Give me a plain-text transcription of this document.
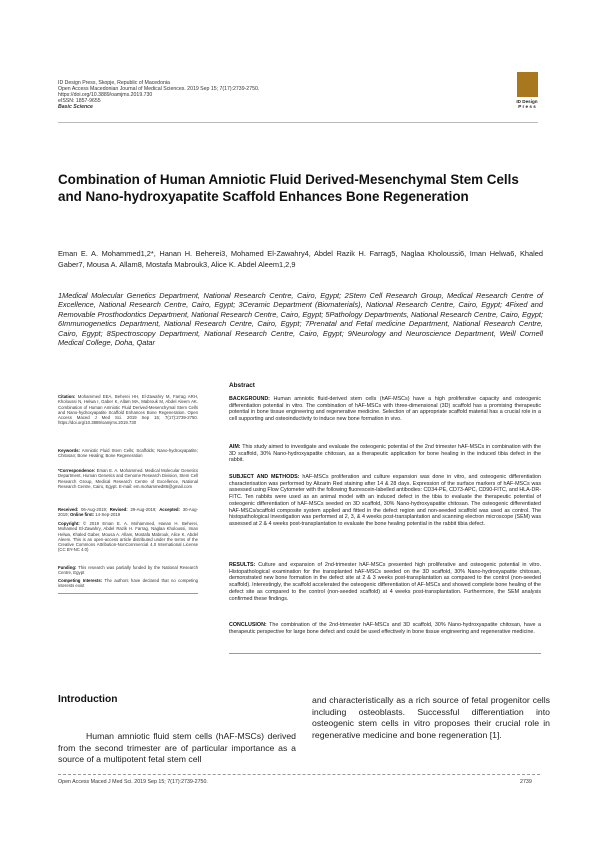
ID Design Press, Skopje, Republic of Macedonia
Open Access Macedonian Journal of Medical Sciences. 2019 Sep 15; 7(17):2739-2750.
https://doi.org/10.3889/oamjms.2019.730
eISSN: 1857-9655
Basic Science
ID Design
P r e s s
Combination of Human Amniotic Fluid Derived-Mesenchymal Stem Cells and Nano-hydroxyapatite Scaffold Enhances Bone Regeneration
Eman E. A. Mohammed1,2*, Hanan H. Beherei3, Mohamed El-Zawahry4, Abdel Razik H. Farrag5, Naglaa Kholoussi6, Iman Helwa6, Khaled Gaber7, Mousa A. Allam8, Mostafa Mabrouk3, Alice K. Abdel Aleem1,2,9
1Medical Molecular Genetics Department, National Research Centre, Cairo, Egypt; 2Stem Cell Research Group, Medical Research Centre of Excellence, National Research Centre, Cairo, Egypt; 3Ceramic Department (Biomaterials), National Research Centre, Cairo, Egypt; 4Fixed and Removable Prosthodontics Department, National Research Centre, Cairo, Egypt; 5Pathology Departments, National Research Centre, Cairo, Egypt; 6Immunogenetics Department, National Research Centre, Cairo, Egypt; 7Prenatal and Fetal medicine Department, National Research Centre, Cairo, Egypt; 8Spectroscopy Department, National Research Centre, Cairo, Egypt; 9Neurology and Neuroscience Department, Weill Cornell Medical College, Doha, Qatar
Citation: Mohammed EEA, Beherei HH, El-Zawahry M, Farrag ARH, Kholoussi N, Helwa I, Gaber K, Allam MA, Mabrouk M, Abdel Aleem AK. Combination of Human Amniotic Fluid Derived-Mesenchymal Stem Cells and Nano-hydroxyapatite Scaffold Enhances Bone Regeneration. Open Access Maced J Med Sci. 2019 Sep 15; 7(17):2739-2750. https://doi.org/10.3889/oamjms.2019.730
Keywords: Amniotic Fluid Stem Cells; Scaffolds; Nano-hydroxyapatite; Chitosan; Bone Healing; Bone Regeneration
*Correspondence: Eman E. A. Mohammed. Medical Molecular Genetics Department, Human Genetics and Genome Research Division, Stem Cell Research Group, Medical Research Centre of Excellence, National Research Centre, Cairo, Egypt. E-mail: em.mohammed86@gmail.com
Received: 06-Aug-2019; Revised: 29-Aug-2019; Accepted: 30-Aug-2019; Online first: 14-Sep-2019
Copyright: © 2019 Eman E. A. Mohammed, Hanan H. Beherei, Mohamed El-Zawahry, Abdel Razik H. Farrag, Naglaa Kholoussi, Iman Helwa, Khaled Gaber, Mousa A. Allam, Mostafa Mabrouk, Alice K. Abdel Aleem. This is an open-access article distributed under the terms of the Creative Commons Attribution-NonCommercial 4.0 International License (CC BY-NC 4.0)
Funding: This research was partially funded by the National Research Centre, Egypt
Competing Interests: The authors have declared that no competing interests exist
Abstract
BACKGROUND: Human amniotic fluid-derived stem cells (hAF-MSCs) have a high proliferative capacity and osteogenic differentiation potential in vitro. The combination of hAF-MSCs with three-dimensional (3D) scaffold has a promising therapeutic potential in bone tissue engineering and regenerative medicine. Selection of an appropriate scaffold material has a crucial role in a cell supporting and osteoinductivity to induce new bone formation in vivo.
AIM: This study aimed to investigate and evaluate the osteogenic potential of the 2nd trimester hAF-MSCs in combination with the 3D scaffold, 30% Nano-hydroxyapatite chitosan, as a therapeutic application for bone healing in the induced tibia defect in the rabbit.
SUBJECT AND METHODS: hAF-MSCs proliferation and culture expansion was done in vitro, and osteogenic differentiation characterisation was performed by Alizarin Red staining after 14 & 28 days. Expression of the surface markers of hAF-MSCs was assessed using Flow Cytometer with the following fluorescein-labelled antibodies: CD34-PE, CD73-APC, CD90-FITC, and HLA-DR-FITC. Ten rabbits were used as an animal model with an induced defect in the tibia to evaluate the therapeutic potential of osteogenic differentiation of hAF-MSCs seeded on 3D scaffold, 30% Nano-hydroxyapatite chitosan. The osteogenic differentiated hAF-MSCs/scaffold composite system applied and fitted in the defect region and non-seeded scaffold was used as control. The histopathological investigation was performed at 2, 3, & 4 weeks post-transplantation and scanning electron microscope (SEM) was assessed at 2 & 4 weeks post-transplantation to evaluate the bone healing potential in the rabbit tibia defect.
RESULTS: Culture and expansion of 2nd-trimester hAF-MSCs presented high proliferative and osteogenic potential in vitro. Histopathological examination for the transplanted hAF-MSCs seeded on the 3D scaffold, 30% Nano-hydroxyapatite chitosan, demonstrated new bone formation in the defect site at 2 & 3 weeks post-transplantation as compared to the control (non-seeded scaffold). Interestingly, the scaffold accelerated the osteogenic differentiation of AF-MSCs and showed complete bone healing of the defect site as compared to the control (non-seeded scaffold) at 4 weeks post-transplantation. Furthermore, the SEM analysis confirmed these findings.
CONCLUSION: The combination of the 2nd-trimester hAF-MSCs and 3D scaffold, 30% Nano-hydroxyapatite chitosan, have a therapeutic perspective for large bone defect and could be used effectively in bone tissue engineering and regenerative medicine.
Introduction
Human amniotic fluid stem cells (hAF-MSCs) derived from the second trimester are of particular importance as a source of a multipotent fetal stem cell
and characteristically as a rich source of fetal progenitor cells including osteoblasts. Successful differentiation into osteogenic stem cells in vitro proposes their crucial role in regenerative medicine and bone regeneration [1].
Open Access Maced J Med Sci. 2019 Sep 15; 7(17):2739-2750.	2739
